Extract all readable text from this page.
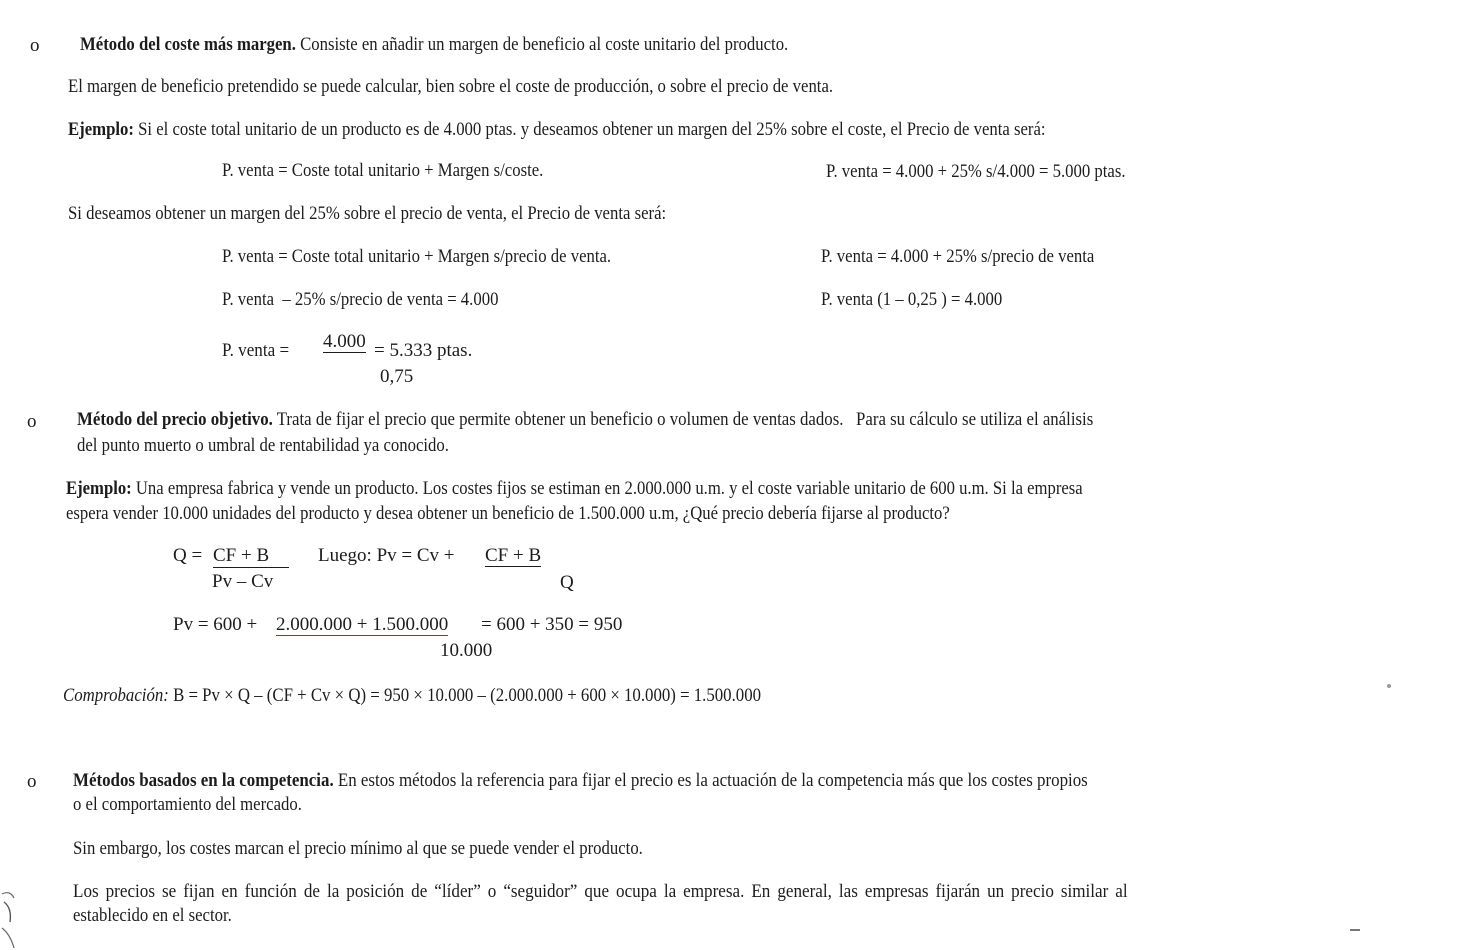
o Método del coste más margen. Consiste en añadir un margen de beneficio al coste unitario del producto.
El margen de beneficio pretendido se puede calcular, bien sobre el coste de producción, o sobre el precio de venta.
Ejemplo: Si el coste total unitario de un producto es de 4.000 ptas. y deseamos obtener un margen del 25% sobre el coste, el Precio de venta será:
P. venta = Coste total unitario + Margen s/coste.	P. venta = 4.000 + 25% s/4.000 = 5.000 ptas.
Si deseamos obtener un margen del 25% sobre el precio de venta, el Precio de venta será:
P. venta = Coste total unitario + Margen s/precio de venta.	P. venta = 4.000 + 25% s/precio de venta
P. venta  – 25% s/precio de venta = 4.000	P. venta (1 – 0,25 ) = 4.000
P. venta =	4.000 = 5.333 ptas.
0,75
o Método del precio objetivo. Trata de fijar el precio que permite obtener un beneficio o volumen de ventas dados.   Para su cálculo se utiliza el análisis
del punto muerto o umbral de rentabilidad ya conocido.
Ejemplo: Una empresa fabrica y vende un producto. Los costes fijos se estiman en 2.000.000 u.m. y el coste variable unitario de 600 u.m. Si la empresa
espera vender 10.000 unidades del producto y desea obtener un beneficio de 1.500.000 u.m, ¿Qué precio debería fijarse al producto?
Q = CF + B
Pv – Cv
Luego: Pv = Cv + CF + B
Q
Pv = 600 + 2.000.000 + 1.500.000 = 600 + 350 = 950
10.000
Comprobación: B = Pv × Q – (CF + Cv × Q) = 950 × 10.000 – (2.000.000 + 600 × 10.000) = 1.500.000
o Métodos basados en la competencia. En estos métodos la referencia para fijar el precio es la actuación de la competencia más que los costes propios
o el comportamiento del mercado.
Sin embargo, los costes marcan el precio mínimo al que se puede vender el producto.
Los precios se fijan en función de la posición de “líder” o “seguidor” que ocupa la empresa. En general, las empresas fijarán un precio similar al
establecido en el sector.
